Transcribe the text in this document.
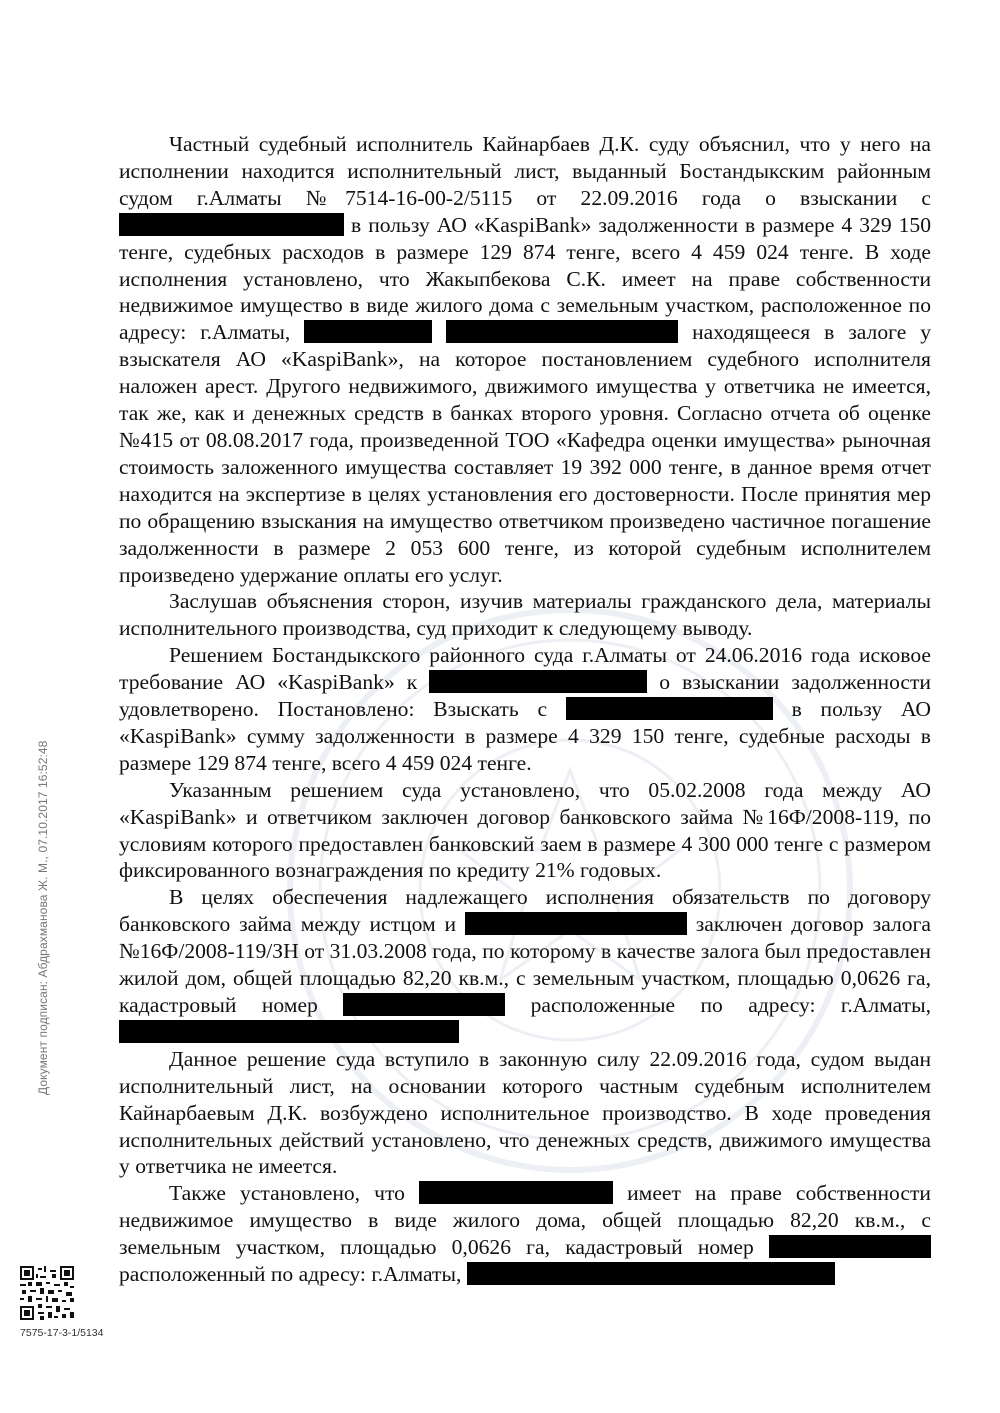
Частный судебный исполнитель Кайнарбаев Д.К. суду объяснил, что у него на исполнении находится исполнительный лист, выданный Бостандыкским районным судом г.Алматы №7514-16-00-2/5115 от 22.09.2016 года о взыскании с  в пользу АО «KaspiBank» задолженности в размере 4 329 150 тенге, судебных расходов в размере 129 874 тенге, всего 4 459 024 тенге. В ходе исполнения установлено, что Жакыпбекова С.К. имеет на праве собственности недвижимое имущество в виде жилого дома с земельным участком, расположенное по адресу: г.Алматы,	находящееся в залоге у взыскателя АО «KaspiBank», на которое постановлением судебного исполнителя наложен арест. Другого недвижимого, движимого имущества у ответчика не имеется, так же, как и денежных средств в банках второго уровня. Согласно отчета об оценке №415 от 08.08.2017 года, произведенной ТОО «Кафедра оценки имущества» рыночная стоимость заложенного имущества составляет 19 392 000 тенге, в данное время отчет находится на экспертизе в целях установления его достоверности. После принятия мер по обращению взыскания на имущество ответчиком произведено частичное погашение задолженности в размере 2 053 600 тенге, из которой судебным исполнителем произведено удержание оплаты его услуг.

Заслушав объяснения сторон, изучив материалы гражданского дела, материалы исполнительного производства, суд приходит к следующему выводу.

Решением Бостандыкского районного суда г.Алматы от 24.06.2016 года исковое требование АО «KaspiBank» к	о взыскании задолженности удовлетворено. Постановлено: Взыскать с	в пользу АО «KaspiBank» сумму задолженности в размере 4 329 150 тенге, судебные расходы в размере 129 874 тенге, всего 4 459 024 тенге.

Указанным решением суда установлено, что 05.02.2008 года между АО «KaspiBank» и ответчиком заключен договор банковского займа №16Ф/2008-119, по условиям которого предоставлен банковский заем в размере 4 300 000 тенге с размером фиксированного вознаграждения по кредиту 21% годовых.

В целях обеспечения надлежащего исполнения обязательств по договору банковского займа между истцом и	заключен договор залога №16Ф/2008-119/ЗН от 31.03.2008 года, по которому в качестве залога был предоставлен жилой дом, общей площадью 82,20 кв.м., с земельным участком, площадью 0,0626 га, кадастровый номер	расположенные по адресу: г.Алматы,

Данное решение суда вступило в законную силу 22.09.2016 года, судом выдан исполнительный лист, на основании которого частным судебным исполнителем Кайнарбаевым Д.К. возбуждено исполнительное производство. В ходе проведения исполнительных действий установлено, что денежных средств, движимого имущества у ответчика не имеется.

Также установлено, что	имеет на праве собственности недвижимое имущество в виде жилого дома, общей площадью 82,20 кв.м., с земельным участком, площадью 0,0626 га, кадастровый номер  расположенный по адресу: г.Алматы,

Документ подписан: Абдрахманова Ж. М., 07.10.2017 16:52:48
7575-17-3-1/5134
